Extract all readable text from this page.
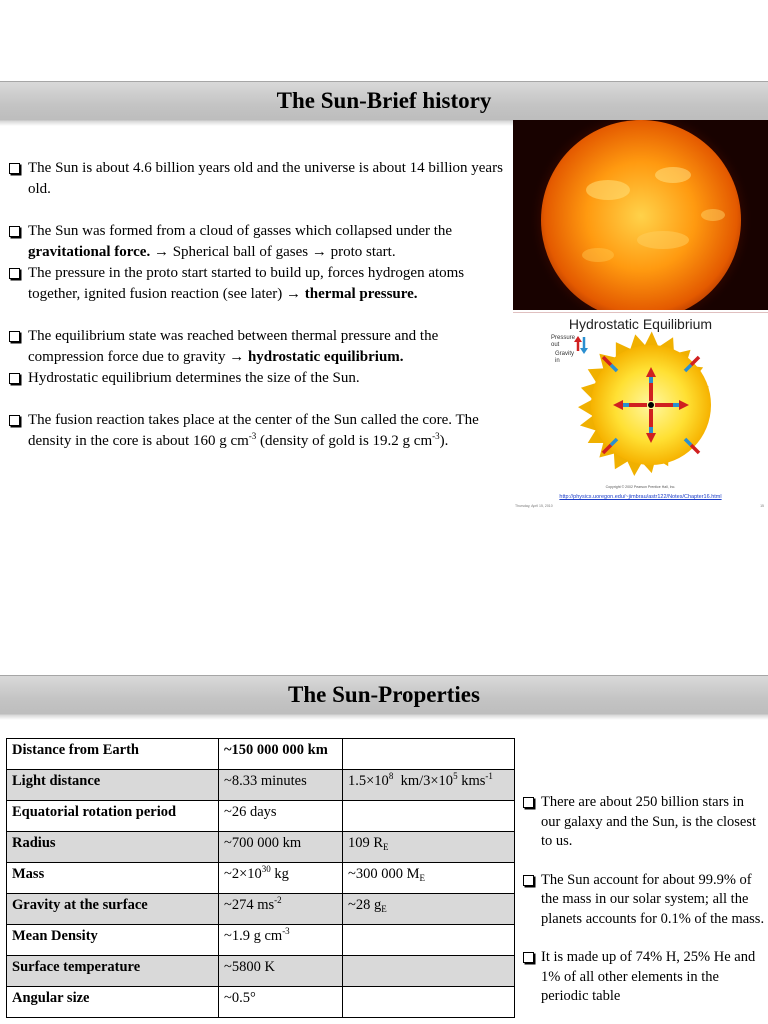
The Sun-Brief history
The Sun is about 4.6 billion years old and the universe is about 14 billion years old.
The Sun was formed from a cloud of gasses which collapsed under the gravitational force. → Spherical ball of gases → proto start.
The pressure in the proto start started to build up, forces hydrogen atoms together, ignited fusion reaction (see later) → thermal pressure.
The equilibrium state was reached between thermal pressure and the compression force due to gravity → hydrostatic equilibrium.
Hydrostatic equilibrium determines the size of the Sun.
The fusion reaction takes place at the center of the Sun called the core. The density in the core is about 160 g $cm^{-3}$ (density of gold is 19.2 g $cm^{-3}$).
Hydrostatic Equilibrium
Pressure out
Gravity in
Copyright © 2002 Pearson Prentice Hall, Inc.
http://physics.uoregon.edu/~jimbrau/astr122/Notes/Chapter16.html
Thursday, April 15, 2010	15
The Sun-Properties
Distance from Earth	~150 000 000 km	
Light distance	~8.33 minutes	$1.5\times 10^8$  $km/3\times 10^5$ kms$^{-1}$
Equatorial rotation period	~26 days	
Radius	~700 000 km	109 $R_E$
Mass	$\sim 2\times 10^{30}$ kg	~300 000 $M_E$
Gravity at the surface	~274 $ms^{-2}$	~28 $g_E$
Mean Density	~1.9 g $cm^{-3}$	
Surface temperature	~5800 K	
Angular size	~0.5°	
There are about 250 billion stars in our galaxy and the Sun, is the closest to us.
The Sun account for about 99.9% of the mass in our solar system; all the planets accounts for 0.1% of the mass.
It is made up of 74% H, 25% He and 1% of all other elements in the periodic table
